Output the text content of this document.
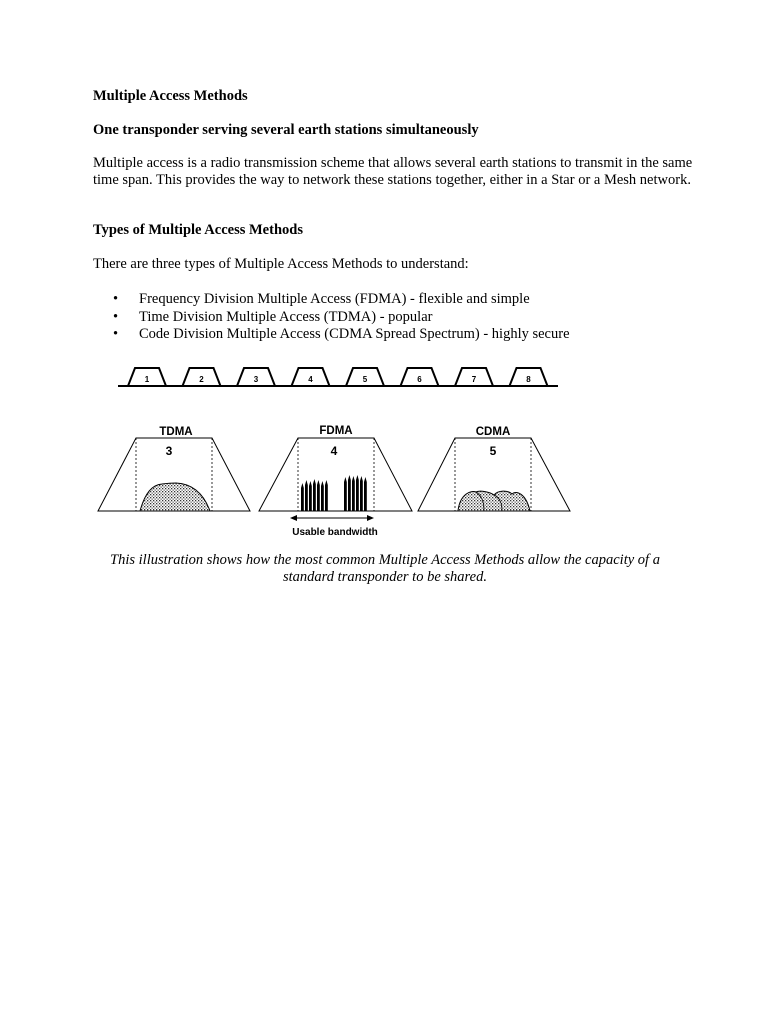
Multiple Access Methods

One transponder serving several earth stations simultaneously

Multiple access is a radio transmission scheme that allows several earth stations to transmit in the same time span. This provides the way to network these stations together, either in a Star or a Mesh network.

Types of Multiple Access Methods

There are three types of Multiple Access Methods to understand:

• Frequency Division Multiple Access (FDMA) - flexible and simple
• Time Division Multiple Access (TDMA) - popular
• Code Division Multiple Access (CDMA Spread Spectrum) - highly secure
1	2	3	4	5	6	7	8
TDMA
3
FDMA
4
Usable bandwidth
CDMA
5

This illustration shows how the most common Multiple Access Methods allow the capacity of a standard transponder to be shared.
